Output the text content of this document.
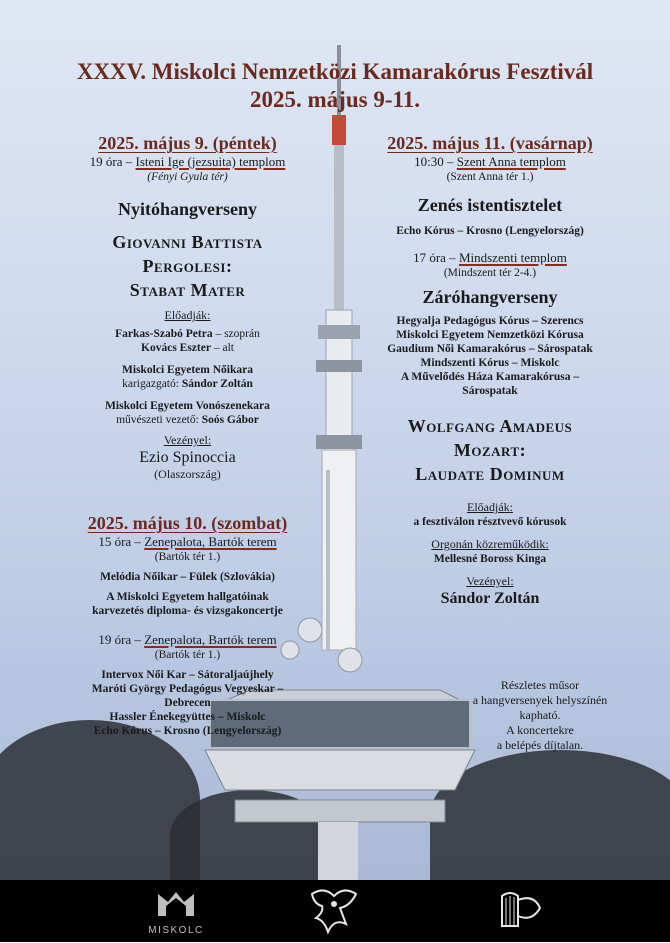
XXXV. Miskolci Nemzetközi Kamarakórus Fesztivál
2025. május 9-11.
2025. május 9. (péntek)
19 óra – Isteni Ige (jezsuita) templom
(Fényi Gyula tér)
Nyitóhangverseny
Giovanni Battista
Pergolesi:
Stabat Mater
Előadják:
Farkas-Szabó Petra – szoprán
Kovács Eszter – alt
Miskolci Egyetem Nőikara
karigazgató: Sándor Zoltán
Miskolci Egyetem Vonószenekara
művészeti vezető: Soós Gábor
Vezényel:
Ezio Spinoccia
(Olaszország)
2025. május 10. (szombat)
15 óra – Zenepalota, Bartók terem
(Bartók tér 1.)
Melódia Nőikar – Fülek (Szlovákia)
A Miskolci Egyetem hallgatóinak
karvezetés diploma- és vizsgakoncertje
19 óra – Zenepalota, Bartók terem
(Bartók tér 1.)
Intervox Női Kar – Sátoraljaújhely
Maróti György Pedagógus Vegyeskar –
Debrecen
Hassler Énekegyüttes – Miskolc
Echo Kórus – Krosno (Lengyelország)
2025. május 11. (vasárnap)
10:30 – Szent Anna templom
(Szent Anna tér 1.)
Zenés istentisztelet
Echo Kórus – Krosno (Lengyelország)
17 óra – Mindszenti templom
(Mindszent tér 2-4.)
Záróhangverseny
Hegyalja Pedagógus Kórus – Szerencs
Miskolci Egyetem Nemzetközi Kórusa
Gaudium Női Kamarakórus – Sárospatak
Mindszenti Kórus – Miskolc
A Művelődés Háza Kamarakórusa –
Sárospatak
Wolfgang Amadeus
Mozart:
Laudate Dominum
Előadják:
a fesztiválon résztvevő kórusok
Orgonán közreműködik:
Mellesné Boross Kinga
Vezényel:
Sándor Zoltán
Részletes műsor
a hangversenyek helyszínén
kapható.
A koncertekre
a belépés díjtalan.
MISKOLC
